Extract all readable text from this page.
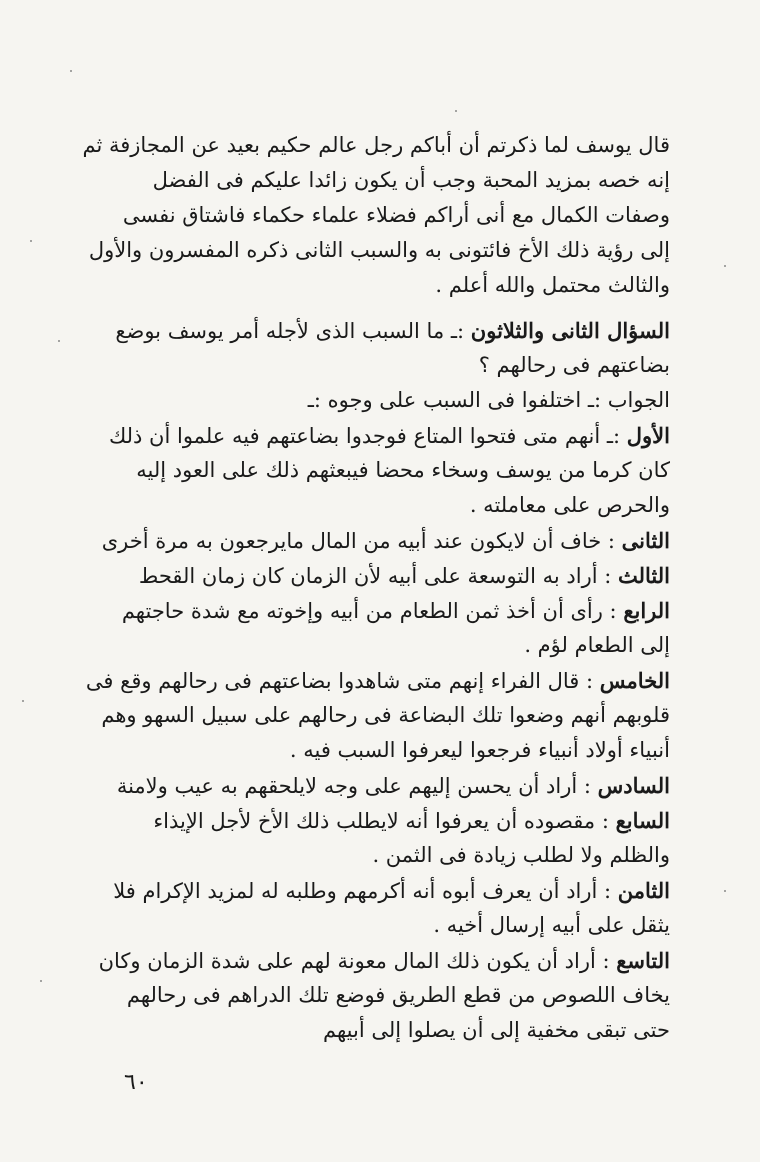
قال يوسف لما ذكرتم أن أباكم رجل عالم حكيم بعيد عن المجازفة ثم
إنه خصه بمزيد المحبة وجب أن يكون زائدا عليكم فى الفضل
وصفات الكمال مع أنى أراكم فضلاء علماء حكماء فاشتاق نفسى
إلى رؤية ذلك الأخ فائتونى به والسبب الثانى ذكره المفسرون والأول
والثالث محتمل والله أعلم .
السؤال الثانى والثلاثون :ـ ما السبب الذى لأجله أمر يوسف بوضع
بضاعتهم فى رحالهم ؟
الجواب :ـ اختلفوا فى السبب على وجوه :ـ
الأول :ـ أنهم متى فتحوا المتاع فوجدوا بضاعتهم فيه علموا أن ذلك
كان كرما من يوسف وسخاء محضا فيبعثهم ذلك على العود إليه
والحرص على معاملته .
الثانى : خاف أن لايكون عند أبيه من المال مايرجعون به مرة أخرى
الثالث : أراد به التوسعة على أبيه لأن الزمان كان زمان القحط
الرابع : رأى أن أخذ ثمن الطعام من أبيه وإخوته مع شدة حاجتهم
إلى الطعام لؤم .
الخامس : قال الفراء إنهم متى شاهدوا بضاعتهم فى رحالهم وقع فى
قلوبهم أنهم وضعوا تلك البضاعة فى رحالهم على سبيل السهو وهم
أنبياء أولاد أنبياء فرجعوا ليعرفوا السبب فيه .
السادس : أراد أن يحسن إليهم على وجه لايلحقهم به عيب ولامنة
السابع : مقصوده أن يعرفوا أنه لايطلب ذلك الأخ لأجل الإيذاء
والظلم ولا لطلب زيادة فى الثمن .
الثامن : أراد أن يعرف أبوه أنه أكرمهم وطلبه له لمزيد الإكرام فلا
يثقل على أبيه إرسال أخيه .
التاسع : أراد أن يكون ذلك المال معونة لهم على شدة الزمان وكان
يخاف اللصوص من قطع الطريق فوضع تلك الدراهم فى رحالهم
حتى تبقى مخفية إلى أن يصلوا إلى أبيهم
٦٠
